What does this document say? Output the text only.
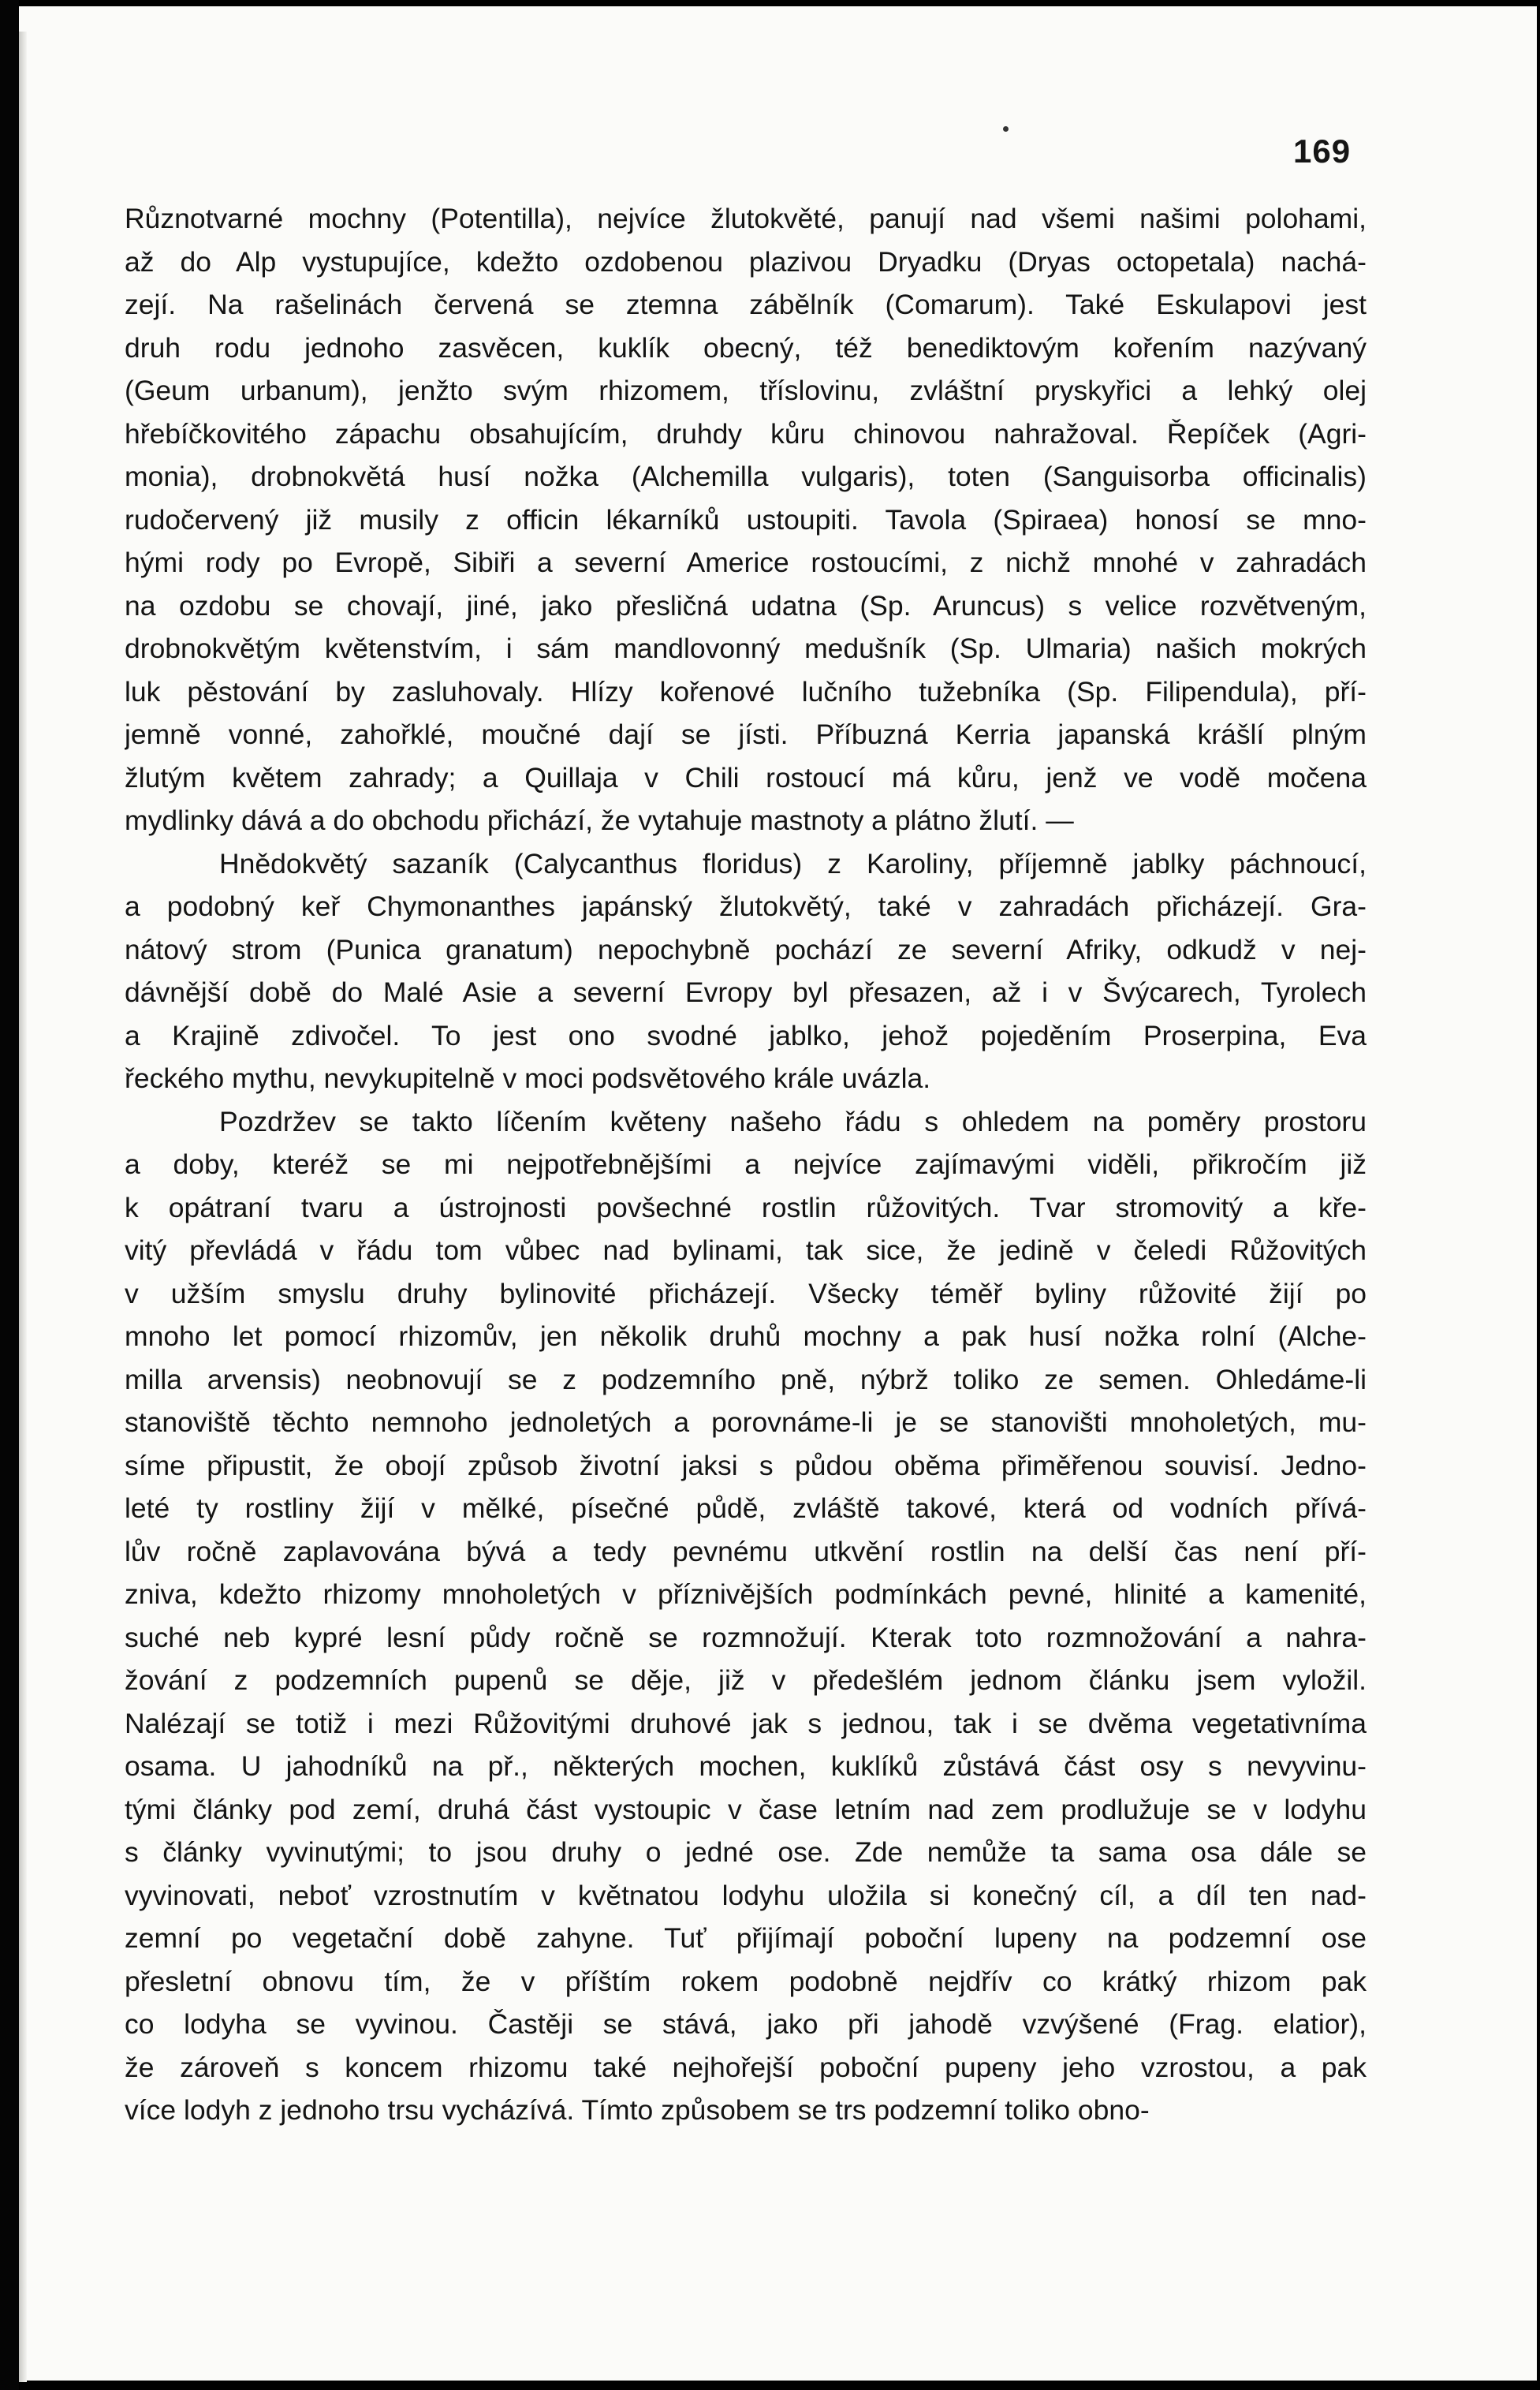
169
Různotvarné mochny (Potentilla), nejvíce žlutokvěté, panují nad všemi našimi polohami,
až do Alp vystupujíce, kdežto ozdobenou plazivou Dryadku (Dryas octopetala) nachá-
zejí. Na rašelinách červená se ztemna zábělník (Comarum). Také Eskulapovi jest
druh rodu jednoho zasvěcen, kuklík obecný, též benediktovým kořením nazývaný
(Geum urbanum), jenžto svým rhizomem, tříslovinu, zvláštní pryskyřici a lehký olej
hřebíčkovitého zápachu obsahujícím, druhdy kůru chinovou nahražoval. Řepíček (Agri-
monia), drobnokvětá husí nožka (Alchemilla vulgaris), toten (Sanguisorba officinalis)
rudočervený již musily z officin lékarníků ustoupiti. Tavola (Spiraea) honosí se mno-
hými rody po Evropě, Sibiři a severní Americe rostoucími, z nichž mnohé v zahradách
na ozdobu se chovají, jiné, jako přesličná udatna (Sp. Aruncus) s velice rozvětveným,
drobnokvětým květenstvím, i sám mandlovonný medušník (Sp. Ulmaria) našich mokrých
luk pěstování by zasluhovaly. Hlízy kořenové lučního tužebníka (Sp. Filipendula), pří-
jemně vonné, zahořklé, moučné dají se jísti. Příbuzná Kerria japanská krášlí plným
žlutým květem zahrady; a Quillaja v Chili rostoucí má kůru, jenž ve vodě močena
mydlinky dává a do obchodu přichází, že vytahuje mastnoty a plátno žlutí. —
Hnědokvětý sazaník (Calycanthus floridus) z Karoliny, příjemně jablky páchnoucí,
a podobný keř Chymonanthes japánský žlutokvětý, také v zahradách přicházejí. Gra-
nátový strom (Punica granatum) nepochybně pochází ze severní Afriky, odkudž v nej-
dávnější době do Malé Asie a severní Evropy byl přesazen, až i v Švýcarech, Tyrolech
a Krajině zdivočel. To jest ono svodné jablko, jehož pojeděním Proserpina, Eva
řeckého mythu, nevykupitelně v moci podsvětového krále uvázla.
Pozdržev se takto líčením květeny našeho řádu s ohledem na poměry prostoru
a doby, kteréž se mi nejpotřebnějšími a nejvíce zajímavými viděli, přikročím již
k opátraní tvaru a ústrojnosti povšechné rostlin růžovitých. Tvar stromovitý a kře-
vitý převládá v řádu tom vůbec nad bylinami, tak sice, že jedině v čeledi Růžovitých
v užším smyslu druhy bylinovité přicházejí. Všecky téměř byliny růžovité žijí po
mnoho let pomocí rhizomův, jen několik druhů mochny a pak husí nožka rolní (Alche-
milla arvensis) neobnovují se z podzemního pně, nýbrž toliko ze semen. Ohledáme-li
stanoviště těchto nemnoho jednoletých a porovnáme-li je se stanovišti mnoholetých, mu-
síme připustit, že obojí způsob životní jaksi s půdou oběma přiměřenou souvisí. Jedno-
leté ty rostliny žijí v mělké, písečné půdě, zvláště takové, která od vodních přívá-
lův ročně zaplavována bývá a tedy pevnému utkvění rostlin na delší čas není pří-
zniva, kdežto rhizomy mnoholetých v příznivějších podmínkách pevné, hlinité a kamenité,
suché neb kypré lesní půdy ročně se rozmnožují. Kterak toto rozmnožování a nahra-
žování z podzemních pupenů se děje, již v předešlém jednom článku jsem vyložil.
Nalézají se totiž i mezi Růžovitými druhové jak s jednou, tak i se dvěma vegetativníma
osama. U jahodníků na př., některých mochen, kuklíků zůstává část osy s nevyvinu-
tými články pod zemí, druhá část vystoupic v čase letním nad zem prodlužuje se v lodyhu
s články vyvinutými; to jsou druhy o jedné ose. Zde nemůže ta sama osa dále se
vyvinovati, neboť vzrostnutím v květnatou lodyhu uložila si konečný cíl, a díl ten nad-
zemní po vegetační době zahyne. Tuť přijímají poboční lupeny na podzemní ose
přesletní obnovu tím, že v příštím rokem podobně nejdřív co krátký rhizom pak
co lodyha se vyvinou. Častěji se stává, jako při jahodě vzvýšené (Frag. elatior),
že zároveň s koncem rhizomu také nejhořejší poboční pupeny jeho vzrostou, a pak
více lodyh z jednoho trsu vycházívá. Tímto způsobem se trs podzemní toliko obno-
